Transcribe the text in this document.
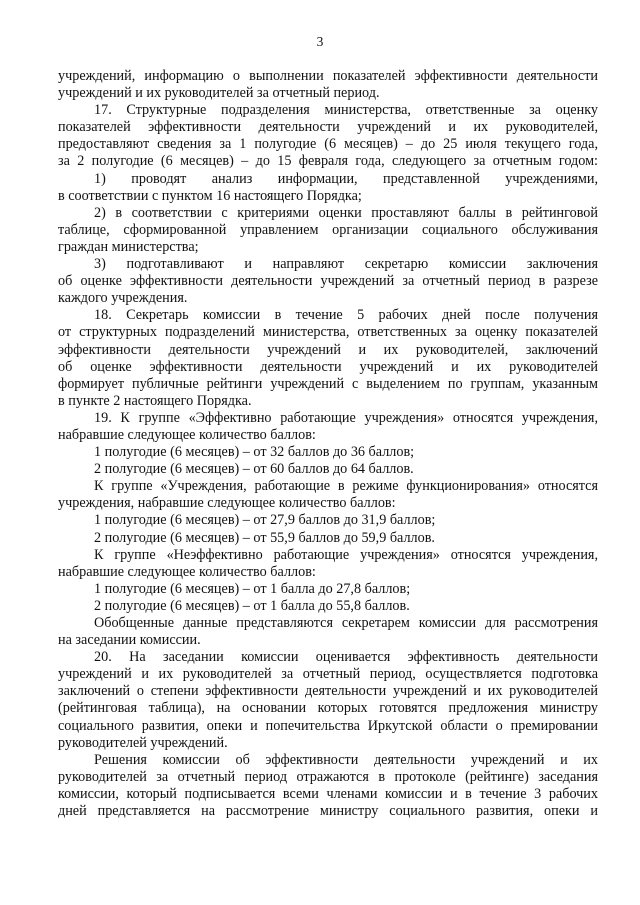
3
учреждений, информацию о выполнении показателей эффективности деятельности
учреждений и их руководителей за отчетный период.
17. Структурные подразделения министерства, ответственные за оценку
показателей эффективности деятельности учреждений и их руководителей,
предоставляют сведения за 1 полугодие (6 месяцев) – до 25 июля текущего года,
за 2 полугодие (6 месяцев) – до 15 февраля года, следующего за отчетным годом:
1) проводят анализ информации, представленной учреждениями,
в соответствии с пунктом 16 настоящего Порядка;
2) в соответствии с критериями оценки проставляют баллы в рейтинговой
таблице, сформированной управлением организации социального обслуживания
граждан министерства;
3) подготавливают и направляют секретарю комиссии заключения
об оценке эффективности деятельности учреждений за отчетный период в разрезе
каждого учреждения.
18. Секретарь комиссии в течение 5 рабочих дней после получения
от структурных подразделений министерства, ответственных за оценку показателей
эффективности деятельности учреждений и их руководителей, заключений
об оценке эффективности деятельности учреждений и их руководителей
формирует публичные рейтинги учреждений с выделением по группам, указанным
в пункте 2 настоящего Порядка.
19. К группе «Эффективно работающие учреждения» относятся учреждения,
набравшие следующее количество баллов:
1 полугодие (6 месяцев) – от 32 баллов до 36 баллов;
2 полугодие (6 месяцев) – от 60 баллов до 64 баллов.
К группе «Учреждения, работающие в режиме функционирования» относятся
учреждения, набравшие следующее количество баллов:
1 полугодие (6 месяцев) – от 27,9 баллов до 31,9 баллов;
2 полугодие (6 месяцев) – от 55,9 баллов до 59,9 баллов.
К группе «Неэффективно работающие учреждения» относятся учреждения,
набравшие следующее количество баллов:
1 полугодие (6 месяцев) – от 1 балла до 27,8 баллов;
2 полугодие (6 месяцев) – от 1 балла до 55,8 баллов.
Обобщенные данные представляются секретарем комиссии для рассмотрения
на заседании комиссии.
20. На заседании комиссии оценивается эффективность деятельности
учреждений и их руководителей за отчетный период, осуществляется подготовка
заключений о степени эффективности деятельности учреждений и их руководителей
(рейтинговая таблица), на основании которых готовятся предложения министру
социального развития, опеки и попечительства Иркутской области о премировании
руководителей учреждений.
Решения комиссии об эффективности деятельности учреждений и их
руководителей за отчетный период отражаются в протоколе (рейтинге) заседания
комиссии, который подписывается всеми членами комиссии и в течение 3 рабочих
дней представляется на рассмотрение министру социального развития, опеки и
